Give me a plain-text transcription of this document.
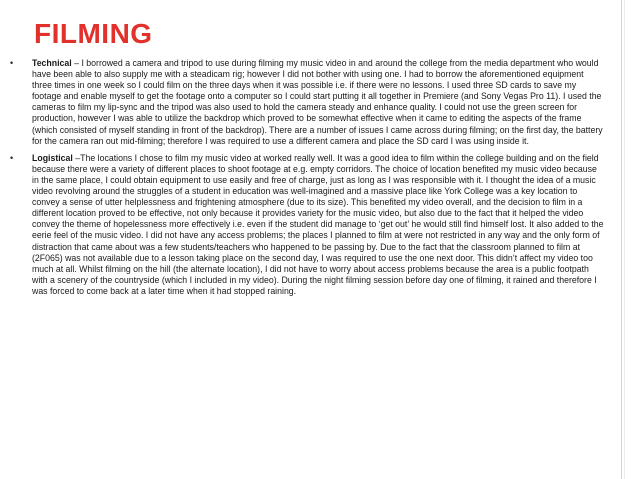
FILMING
• Technical – I borrowed a camera and tripod to use during filming my music video in and around the college from the media department who would have been able to also supply me with a steadicam rig; however I did not bother with using one. I had to borrow the aforementioned equipment three times in one week so I could film on the three days when it was possible i.e. if there were no lessons. I used three SD cards to save my footage and enable myself to get the footage onto a computer so I could start putting it all together in Premiere (and Sony Vegas Pro 11). I used the cameras to film my lip-sync and the tripod was also used to hold the camera steady and enhance quality. I could not use the green screen for production, however I was able to utilize the backdrop which proved to be somewhat effective when it came to editing the aspects of the frame (which consisted of myself standing in front of the backdrop). There are a number of issues I came across during filming; on the first day, the battery for the camera ran out mid-filming; therefore I was required to use a different camera and place the SD card I was using inside it.

• Logistical –The locations I chose to film my music video at worked really well. It was a good idea to film within the college building and on the field because there were a variety of different places to shoot footage at e.g. empty corridors. The choice of location benefited my music video because in the same place, I could obtain equipment to use easily and free of charge, just as long as I was responsible with it. I thought the idea of a music video revolving around the struggles of a student in education was well-imagined and a massive place like York College was a key location to convey a sense of utter helplessness and frightening atmosphere (due to its size). This benefited my video overall, and the decision to film in a different location proved to be effective, not only because it provides variety for the music video, but also due to the fact that it helped the video convey the theme of hopelessness more effectively i.e. even if the student did manage to ‘get out’ he would still find himself lost. It also added to the eerie feel of the music video. I did not have any access problems; the places I planned to film at were not restricted in any way and the only form of distraction that came about was a few students/teachers who happened to be passing by. Due to the fact that the classroom planned to film at (2F065) was not available due to a lesson taking place on the second day, I was required to use the one next door. This didn’t affect my video too much at all. Whilst filming on the hill (the alternate location), I did not have to worry about access problems because the area is a public footpath with a scenery of the countryside (which I included in my video). During the night filming session before day one of filming, it rained and therefore I was forced to come back at a later time when it had stopped raining.
